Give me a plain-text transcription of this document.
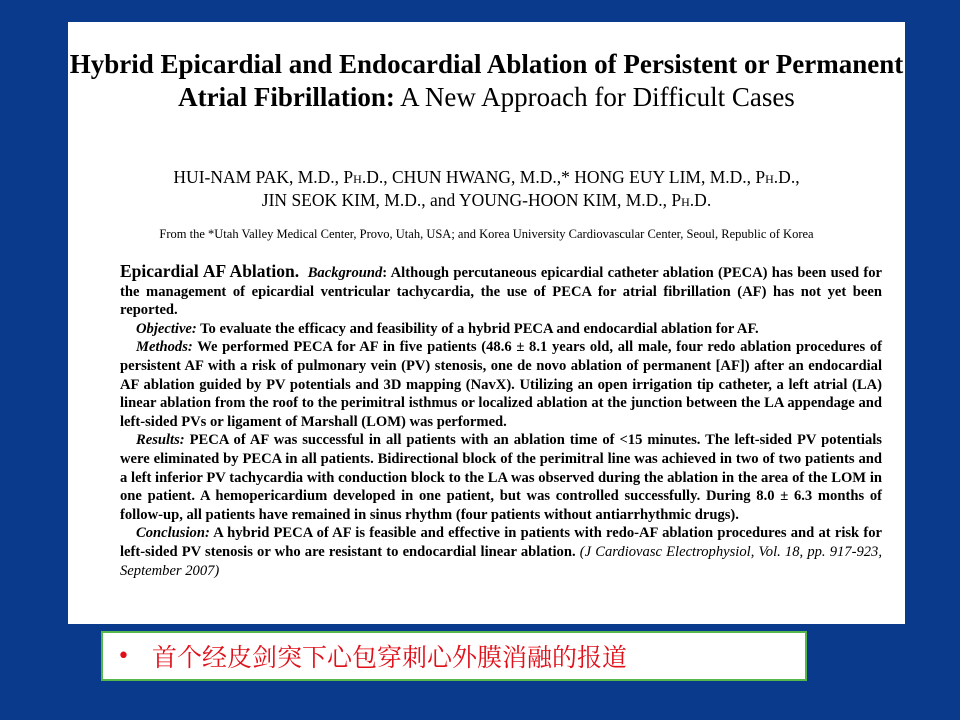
Hybrid Epicardial and Endocardial Ablation of Persistent or Permanent Atrial Fibrillation: A New Approach for Difficult Cases
HUI-NAM PAK, M.D., Ph.D., CHUN HWANG, M.D.,* HONG EUY LIM, M.D., Ph.D.,
JIN SEOK KIM, M.D., and YOUNG-HOON KIM, M.D., Ph.D.
From the *Utah Valley Medical Center, Provo, Utah, USA; and Korea University Cardiovascular Center, Seoul, Republic of Korea

Epicardial AF Ablation. Background: Although percutaneous epicardial catheter ablation (PECA) has been used for the management of epicardial ventricular tachycardia, the use of PECA for atrial fibrillation (AF) has not yet been reported.

Objective: To evaluate the efficacy and feasibility of a hybrid PECA and endocardial ablation for AF.

Methods: We performed PECA for AF in five patients (48.6 ± 8.1 years old, all male, four redo ablation procedures of persistent AF with a risk of pulmonary vein (PV) stenosis, one de novo ablation of permanent [AF]) after an endocardial AF ablation guided by PV potentials and 3D mapping (NavX). Utilizing an open irrigation tip catheter, a left atrial (LA) linear ablation from the roof to the perimitral isthmus or localized ablation at the junction between the LA appendage and left-sided PVs or ligament of Marshall (LOM) was performed.

Results: PECA of AF was successful in all patients with an ablation time of <15 minutes. The left-sided PV potentials were eliminated by PECA in all patients. Bidirectional block of the perimitral line was achieved in two of two patients and a left inferior PV tachycardia with conduction block to the LA was observed during the ablation in the area of the LOM in one patient. A hemopericardium developed in one patient, but was controlled successfully. During 8.0 ± 6.3 months of follow-up, all patients have remained in sinus rhythm (four patients without antiarrhythmic drugs).

Conclusion: A hybrid PECA of AF is feasible and effective in patients with redo-AF ablation procedures and at risk for left-sided PV stenosis or who are resistant to endocardial linear ablation. (J Cardiovasc Electrophysiol, Vol. 18, pp. 917-923, September 2007)

• 首个经皮剑突下心包穿刺心外膜消融的报道
